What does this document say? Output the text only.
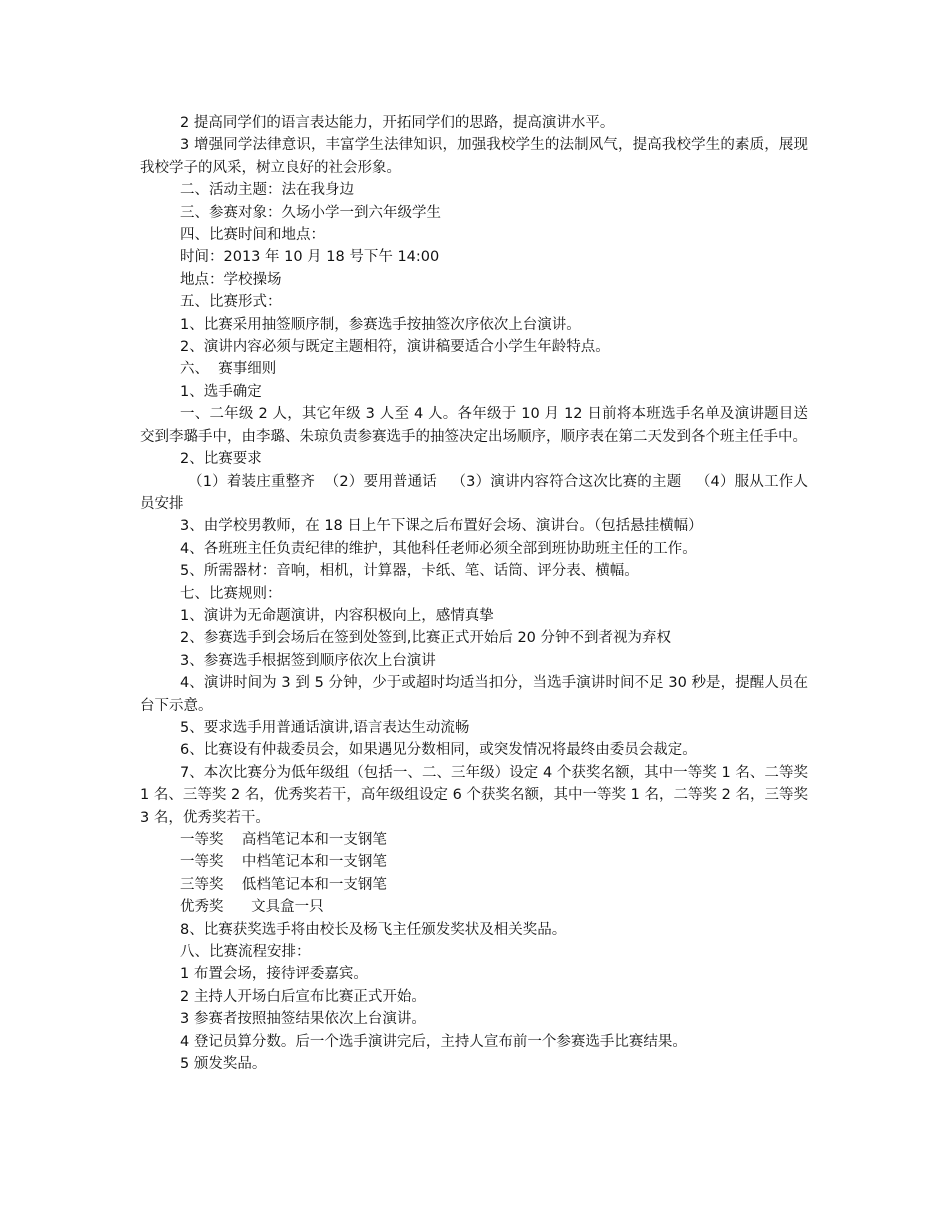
2 提高同学们的语言表达能力，开拓同学们的思路，提高演讲水平。

3 增强同学法律意识，丰富学生法律知识，加强我校学生的法制风气，提高我校学生的素质，展现我校学子的风采，树立良好的社会形象。

二、活动主题：法在我身边

三、参赛对象：久场小学一到六年级学生

四、比赛时间和地点：

时间：2013 年 10 月 18 号下午 14:00

地点：学校操场

五、比赛形式：

1、比赛采用抽签顺序制，参赛选手按抽签次序依次上台演讲。

2、演讲内容必须与既定主题相符，演讲稿要适合小学生年龄特点。

六、  赛事细则

1、选手确定

一、二年级 2 人，其它年级 3 人至 4 人。各年级于 10 月 12 日前将本班选手名单及演讲题目送交到李璐手中，由李璐、朱琼负责参赛选手的抽签决定出场顺序，顺序表在第二天发到各个班主任手中。

2、比赛要求

（1）着装庄重整齐  （2）要用普通话   （3）演讲内容符合这次比赛的主题   （4）服从工作人员安排

3、由学校男教师，在 18 日上午下课之后布置好会场、演讲台。（包括悬挂横幅）

4、各班班主任负责纪律的维护，其他科任老师必须全部到班协助班主任的工作。

5、所需器材：音响，相机，计算器，卡纸、笔、话筒、评分表、横幅。

七、比赛规则：

1、演讲为无命题演讲，内容积极向上，感情真挚

2、参赛选手到会场后在签到处签到,比赛正式开始后 20 分钟不到者视为弃权

3、参赛选手根据签到顺序依次上台演讲

4、演讲时间为 3 到 5 分钟，少于或超时均适当扣分，当选手演讲时间不足 30 秒是，提醒人员在台下示意。

5、要求选手用普通话演讲,语言表达生动流畅

6、比赛设有仲裁委员会，如果遇见分数相同，或突发情况将最终由委员会裁定。

7、本次比赛分为低年级组（包括一、二、三年级）设定 4 个获奖名额，其中一等奖 1 名、二等奖 1 名、三等奖 2 名，优秀奖若干，高年级组设定 6 个获奖名额，其中一等奖 1 名，二等奖 2 名，三等奖 3 名，优秀奖若干。

一等奖    高档笔记本和一支钢笔

一等奖    中档笔记本和一支钢笔

三等奖    低档笔记本和一支钢笔

优秀奖      文具盒一只

8、比赛获奖选手将由校长及杨飞主任颁发奖状及相关奖品。

八、比赛流程安排：

1 布置会场，接待评委嘉宾。

2 主持人开场白后宣布比赛正式开始。

3 参赛者按照抽签结果依次上台演讲。

4 登记员算分数。后一个选手演讲完后，主持人宣布前一个参赛选手比赛结果。

5 颁发奖品。
